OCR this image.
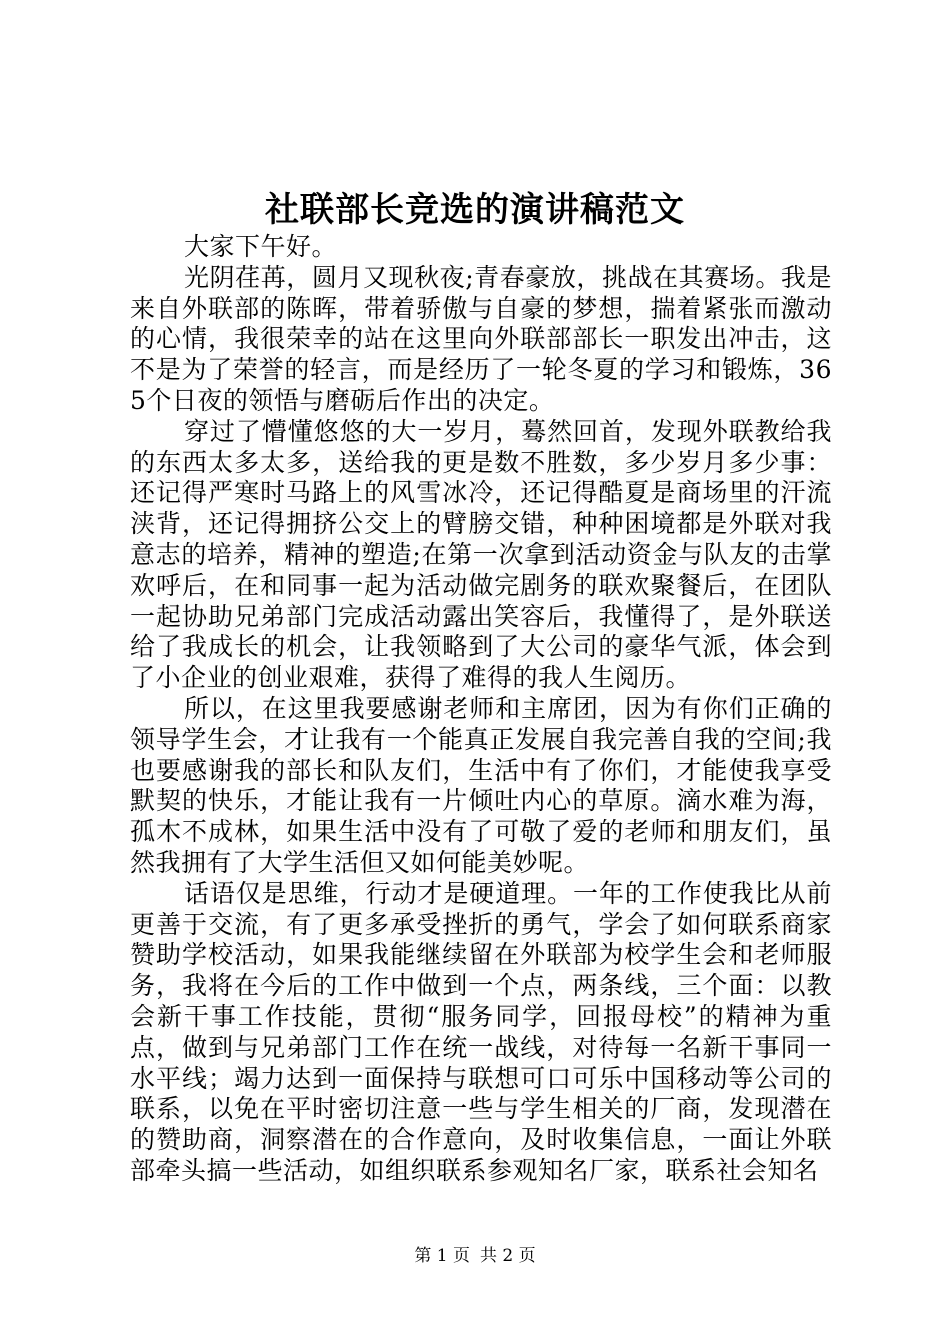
社联部长竞选的演讲稿范文

大家下午好。

光阴荏苒，圆月又现秋夜;青春豪放，挑战在其赛场。我是来自外联部的陈晖，带着骄傲与自豪的梦想，揣着紧张而激动的心情，我很荣幸的站在这里向外联部部长一职发出冲击，这不是为了荣誉的轻言，而是经历了一轮冬夏的学习和锻炼，365个日夜的领悟与磨砺后作出的决定。

穿过了懵懂悠悠的大一岁月，蓦然回首，发现外联教给我的东西太多太多，送给我的更是数不胜数，多少岁月多少事：还记得严寒时马路上的风雪冰冷，还记得酷夏是商场里的汗流浃背，还记得拥挤公交上的臂膀交错，种种困境都是外联对我意志的培养，精神的塑造;在第一次拿到活动资金与队友的击掌欢呼后，在和同事一起为活动做完剧务的联欢聚餐后，在团队一起协助兄弟部门完成活动露出笑容后，我懂得了，是外联送给了我成长的机会，让我领略到了大公司的豪华气派，体会到了小企业的创业艰难，获得了难得的我人生阅历。

所以，在这里我要感谢老师和主席团，因为有你们正确的领导学生会，才让我有一个能真正发展自我完善自我的空间;我也要感谢我的部长和队友们，生活中有了你们，才能使我享受默契的快乐，才能让我有一片倾吐内心的草原。滴水难为海，孤木不成林，如果生活中没有了可敬了爱的老师和朋友们，虽然我拥有了大学生活但又如何能美妙呢。

话语仅是思维，行动才是硬道理。一年的工作使我比从前更善于交流，有了更多承受挫折的勇气，学会了如何联系商家赞助学校活动，如果我能继续留在外联部为校学生会和老师服务，我将在今后的工作中做到一个点，两条线，三个面：以教会新干事工作技能，贯彻“服务同学，回报母校”的精神为重点，做到与兄弟部门工作在统一战线，对待每一名新干事同一水平线；竭力达到一面保持与联想可口可乐中国移动等公司的联系，以免在平时密切注意一些与学生相关的厂商，发现潜在的赞助商，洞察潜在的合作意向，及时收集信息，一面让外联部牵头搞一些活动，如组织联系参观知名厂家，联系社会知名

第 1 页 共 2 页
